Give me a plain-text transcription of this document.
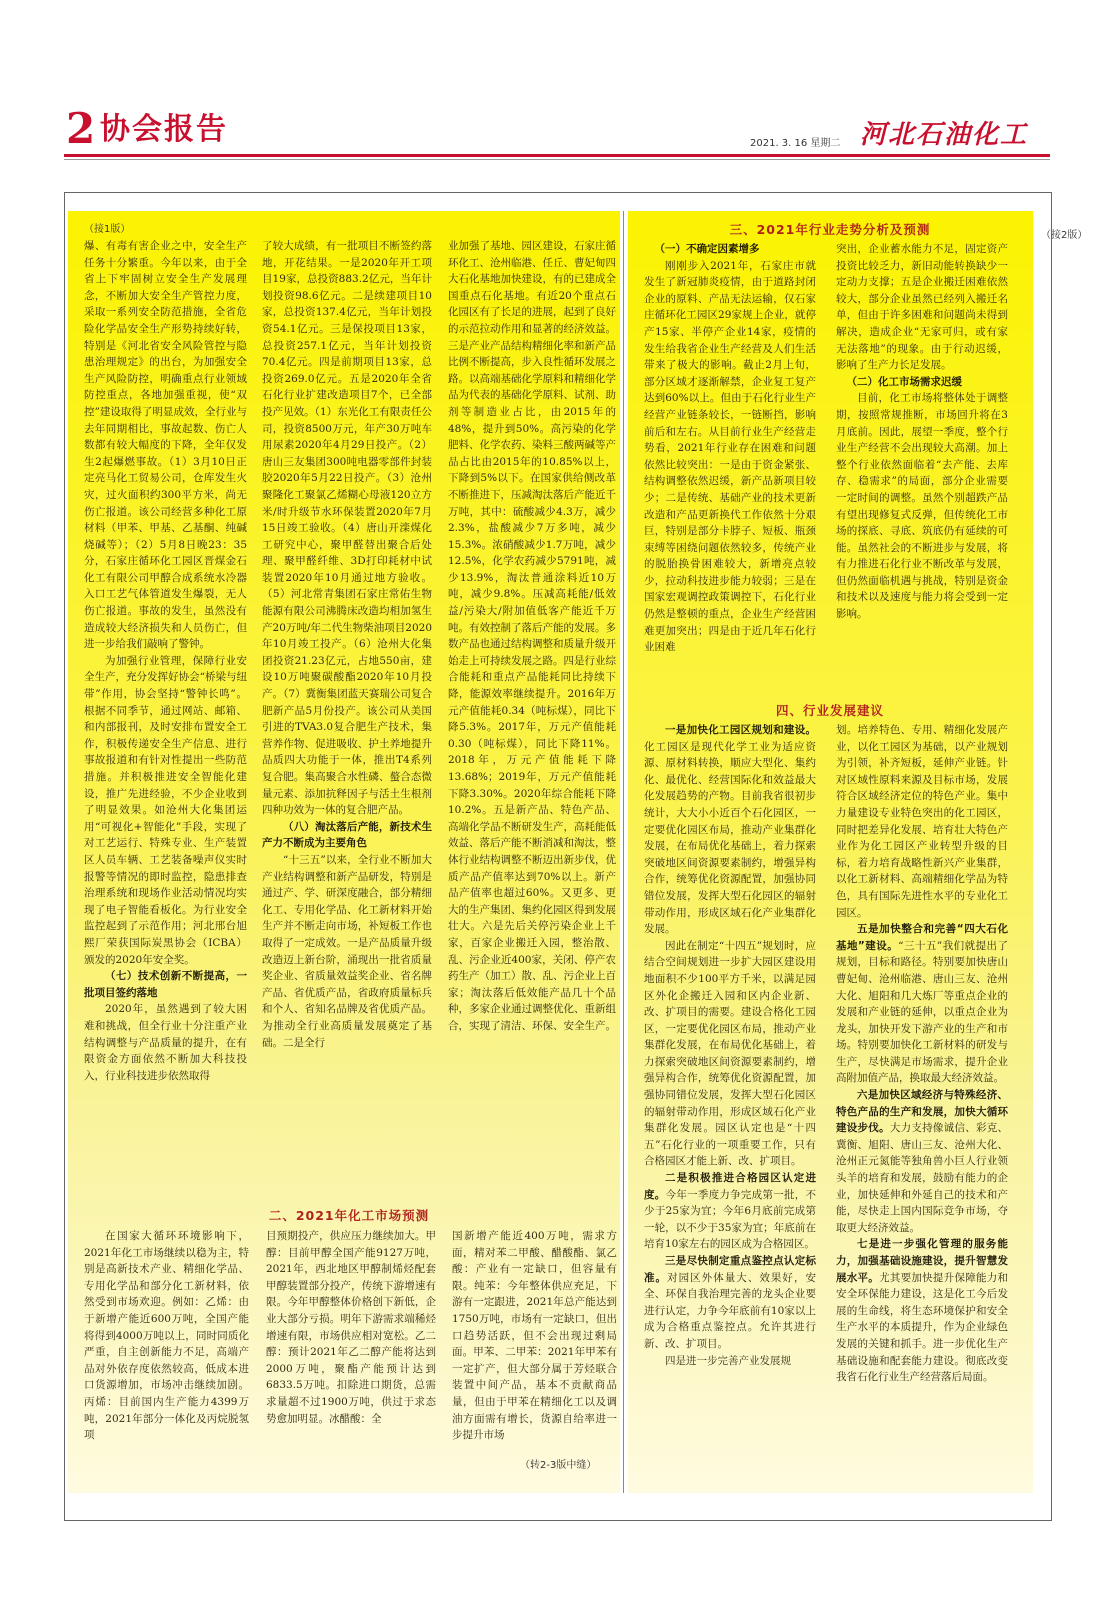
2 协会报告	2021. 3. 16 星期二 河北石油化工
（接1版）
（接2版）

爆、有毒有害企业之中，安全生产任务十分繁重。今年以来，由于全省上下牢固树立安全生产发展理念，不断加大安全生产管控力度，采取一系列安全防范措施，全省危险化学品安全生产形势持续好转，特别是《河北省安全风险管控与隐患治理规定》的出台，为加强安全生产风险防控，明确重点行业领域防控重点，各地加强重视，使“双控”建设取得了明显成效，全行业与去年同期相比，事故起数、伤亡人数都有较大幅度的下降，全年仅发生2起爆燃事故。（1）3月10日正定亮马化工贸易公司，仓库发生火灾，过火面积约300平方米，尚无伤亡报道。该公司经营多种化工原材料（甲苯、甲基、乙基酮、纯碱烧碱等）；（2）5月8日晚23：35分，石家庄循环化工园区晋煤金石化工有限公司甲醇合成系统水冷器入口工艺气体管道发生爆裂，无人伤亡报道。事故的发生，虽然没有造成较大经济损失和人员伤亡，但进一步给我们敲响了警钟。

为加强行业管理，保障行业安全生产，充分发挥好协会“桥梁与纽带”作用，协会坚持“警钟长鸣”。根据不同季节，通过网站、邮箱、和内部报刊，及时安排布置安全工作，积极传递安全生产信息、进行事故报道和有针对性提出一些防范措施。并积极推进安全智能化建设，推广先进经验，不少企业收到了明显效果。如沧州大化集团运用“可视化+智能化”手段，实现了对工艺运行、特殊专业、生产装置区人员车辆、工艺装备噪声仪实时报警等情况的即时监控，隐患排查治理系统和现场作业活动情况均实现了电子智能看板化。为行业安全监控起到了示范作用；河北邢台旭熙厂荣获国际炭黑协会（ICBA）颁发的2020年安全奖。

（七）技术创新不断提高，一批项目签约落地

2020年，虽然遇到了较大困难和挑战，但全行业十分注重产业结构调整与产品质量的提升，在有限资金方面依然不断加大科技投入，行业科技进步依然取得

了较大成绩，有一批项目不断签约落地，开花结果。一是2020年开工项目19家，总投资883.2亿元，当年计划投资98.6亿元。二是续建项目10家，总投资137.4亿元，当年计划投资54.1亿元。三是保投项目13家，总投资257.1亿元，当年计划投资70.4亿元。四是前期项目13家，总投资269.0亿元。五是2020年全省石化行业扩建改造项目7个，已全部投产见效。（1）东光化工有限责任公司，投资8500万元，年产30万吨车用尿素2020年4月29日投产。（2）唐山三友集团300吨电器零部件封装胶2020年5月22日投产。（3）沧州聚隆化工聚氯乙烯糊心母液120立方米/时升级节水环保装置2020年7月15日竣工验收。（4）唐山开滦煤化工研究中心，聚甲醛替出聚合后处理、聚甲醛纤维、3D打印耗材中试装置2020年10月通过地方验收。（5）河北常青集团石家庄常佑生物能源有限公司沸腾床改造均相加氢生产20万吨/年二代生物柴油项目2020年10月竣工投产。（6）沧州大化集团投资21.23亿元，占地550亩，建设10万吨聚碳酸酯2020年10月投产。（7）冀衡集团蓝天赛瑞公司复合肥新产品5月份投产。该公司从美国引进的TVA3.0复合肥生产技术，集营养作物、促进吸收、护土养地提升品质四大功能于一体，推出T4系列复合肥。集高聚合水性磷、螯合态微量元素、添加抗释因子与活土生根剂四种功效为一体的复合肥产品。

（八）淘汰落后产能，新技术生产力不断成为主要角色

“十三五”以来，全行业不断加大产业结构调整和新产品研发，特别是通过产、学、研深度融合，部分精细化工、专用化学品、化工新材料开始生产并不断走向市场，补短板工作也取得了一定成效。一是产品质量升级改造迈上新台阶，涌现出一批省质量奖企业、省质量效益奖企业、省名牌产品、省优质产品，省政府质量标兵和个人、省知名品牌及省优质产品。为推动全行业高质量发展奠定了基础。二是全行

业加强了基地、园区建设，石家庄循环化工、沧州临港、任丘、曹妃甸四大石化基地加快建设，有的已建成全国重点石化基地。有近20个重点石化园区有了长足的进展，起到了良好的示范拉动作用和显著的经济效益。三是产业产品结构精细化率和新产品比例不断提高，步入良性循环发展之路。以高端基础化学原料和精细化学品为代表的基础化学原料、试剂、助剂等制造业占比，由2015年的48%，提升到50%。高污染的化学肥料、化学农药、染料三酸两碱等产品占比由2015年的10.85%以上，下降到5%以下。在国家供给侧改革不断推进下，压减淘汰落后产能近千万吨，其中：硫酸减少4.3万，减少2.3%，盐酸减少7万多吨，减少15.3%。浓硝酸减少1.7万吨，减少12.5%，化学农药减少5791吨，减少13.9%，淘汰普通涂料近10万吨，减少9.8%。压减高耗能/低效益/污染大/附加值低客产能近千万吨。有效控制了落后产能的发展。多数产品也通过结构调整和质量升级开始走上可持续发展之路。四是行业综合能耗和重点产品能耗同比持续下降，能源效率继续提升。2016年万元产值能耗0.34（吨标煤），同比下降5.3%。2017年，万元产值能耗0.30（吨标煤），同比下降11%。2018年，万元产值能耗下降13.68%；2019年，万元产值能耗下降3.30%。2020年综合能耗下降10.2%。五是新产品、特色产品、高端化学品不断研发生产，高耗能低效益、落后产能不断消减和淘汰，整体行业结构调整不断迈出新步伐，优质产品产值率达到70%以上。新产品产值率也超过60%。又更多、更大的生产集团、集约化园区得到发展壮大。六是先后关停污染企业上千家，百家企业搬迁入园，整治散、乱、污企业近400家，关闭、停产农药生产（加工）散、乱、污企业上百家；淘汰落后低效能产品几十个品种，多家企业通过调整优化、重新组合，实现了清洁、环保、安全生产。

二、2021年化工市场预测

在国家大循环环境影响下，2021年化工市场继续以稳为主，特别是高新技术产业、精细化学品、专用化学品和部分化工新材料，依然受到市场欢迎。例如：乙烯：由于新增产能近600万吨，全国产能将得到4000万吨以上，同时同质化严重，自主创新能力不足，高端产品对外依存度依然较高，低成本进口货源增加，市场冲击继续加剧。丙烯：目前国内生产能力4399万吨，2021年部分一体化及丙烷脱氢项

目预期投产，供应压力继续加大。甲醇：目前甲醇全国产能9127万吨，2021年，西北地区甲醇制烯烃配套甲醇装置部分投产，传统下游增速有限。今年甲醇整体价格创下新低，企业大部分亏损。明年下游需求端稀烃增速有限，市场供应相对宽松。乙二醇：预计2021年乙二醇产能将达到2000万吨，聚酯产能预计达到6833.5万吨。扣除进口期货，总需求量超不过1900万吨，供过于求态势愈加明显。冰醋酸：全

国新增产能近400万吨，需求方面，精对苯二甲酸、醋酸酯、氯乙酸：产业有一定缺口，但容量有限。纯苯：今年整体供应充足，下游有一定跟进，2021年总产能达到1750万吨，市场有一定缺口，但出口趋势活跃，但不会出现过剩局面。甲苯、二甲苯：2021年甲苯有一定扩产，但大部分属于芳烃联合装置中间产品，基本不贡献商品量，但由于甲苯在精细化工以及调油方面需有增长，货源自给率进一步提升市场

（转2-3版中缝）
三、2021年行业走势分析及预测

（一）不确定因素增多

刚刚步入2021年，石家庄市就发生了新冠肺炎疫情，由于道路封闭企业的原料、产品无法运输，仅石家庄循环化工园区29家规上企业，就停产15家、半停产企业14家，疫情的发生给我省企业生产经营及人们生活带来了极大的影响。截止2月上旬，部分区域才逐渐解禁，企业复工复产达到60%以上。但由于石化行业生产经营产业链条较长，一链断挡，影响前后和左右。从目前行业生产经营走势看，2021年行业存在困难和问题依然比较突出：一是由于资金紧张、结构调整依然迟缓，新产品新项目较少；二是传统、基础产业的技术更新改造和产品更新换代工作依然十分艰巨，特别是部分卡脖子、短板、瓶颈束缚等困绕问题依然较多，传统产业的脱胎换骨困难较大，新增亮点较少，拉动科技进步能力较弱；三是在国家宏观调控政策调控下，石化行业仍然是整顿的重点，企业生产经营困难更加突出；四是由于近几年石化行业困难

突出，企业蓄水能力不足，固定资产投资比较乏力，新旧动能转换缺少一定动力支撑；五是企业搬迁困难依然较大，部分企业虽然已经列入搬迁名单，但由于许多困难和问题尚未得到解决，造成企业“无家可归，或有家无法落地”的现象。由于行动迟缓，影响了生产力长足发展。

（二）化工市场需求迟缓

目前，化工市场将整体处于调整期，按照常规推断，市场回升将在3月底前。因此，展望一季度，整个行业生产经营不会出现较大高潮。加上整个行业依然面临着“去产能、去库存、稳需求”的局面，部分企业需要一定时间的调整。虽然个别超跌产品有望出现修复式反弹，但传统化工市场的探底、寻底、筑底仍有延续的可能。虽然社会的不断进步与发展，将有力推进石化行业不断改革与发展，但仍然面临机遇与挑战，特别是资金和技术以及速度与能力将会受到一定影响。

四、行业发展建议

一是加快化工园区规划和建设。化工园区是现代化学工业为适应资源、原材料转换，顺应大型化、集约化、最优化、经营国际化和效益最大化发展趋势的产物。目前我省很初步统计，大大小小近百个石化园区，一定要优化园区布局，推动产业集群化发展，在布局优化基础上，着力探索突破地区间资源要素制约，增强异构合作，统筹优化资源配置，加强协同错位发展，发挥大型石化园区的辐射带动作用，形成区域石化产业集群化发展。

因此在制定“十四五”规划时，应结合空间规划进一步扩大园区建设用地面积不少100平方千米，以满足园区外化企搬迁入园和区内企业新、改、扩项目的需要。建设合格化工园区，一定要优化园区布局，推动产业集群化发展，在布局优化基础上，着力探索突破地区间资源要素制约，增强异构合作，统筹优化资源配置，加强协同错位发展，发挥大型石化园区的辐射带动作用，形成区域石化产业集群化发展。园区认定也是“十四五”石化行业的一项重要工作，只有合格园区才能上新、改、扩项目。

二是积极推进合格园区认定进度。今年一季度力争完成第一批，不少于25家为宜；今年6月底前完成第一轮，以不少于35家为宜；年底前在培育10家左右的园区成为合格园区。

三是尽快制定重点鉴控点认定标准。对园区外体量大、效果好，安全、环保自我治理完善的龙头企业要进行认定，力争今年底前有10家以上成为合格重点鉴控点。允许其进行新、改、扩项目。

四是进一步完善产业发展规

划。培养特色、专用、精细化发展产业，以化工园区为基础，以产业规划为引领，补齐短板，延伸产业链。针对区域性原料来源及目标市场，发展符合区域经济定位的特色产业。集中力量建设专业特色突出的化工园区，同时把差异化发展、培育壮大特色产业作为化工园区产业转型升级的目标，着力培育战略性新兴产业集群，以化工新材料、高端精细化学品为特色，具有国际先进性水平的专业化工园区。

五是加快整合和完善“四大石化基地”建设。“三十五”我们就提出了规划，目标和路径。特别要加快唐山曹妃甸、沧州临港、唐山三友、沧州大化、旭阳和几大炼厂等重点企业的发展和产业链的延伸，以重点企业为龙头，加快开发下游产业的生产和市场。特别要加快化工新材料的研发与生产，尽快满足市场需求，提升企业高附加值产品，换取最大经济效益。

六是加快区域经济与特殊经济、特色产品的生产和发展，加快大循环建设步伐。大力支持像诚信、彩克、冀衡、旭阳、唐山三友、沧州大化、沧州正元氮能等独角兽小巨人行业领头羊的培育和发展，鼓励有能力的企业，加快延伸和外延自己的技术和产能，尽快走上国内国际竞争市场，夺取更大经济效益。

七是进一步强化管理的服务能力，加强基础设施建设，提升智慧发展水平。尤其要加快提升保障能力和安全环保能力建设，这是化工今后发展的生命线，将生态环境保护和安全生产水平的本质提升，作为企业绿色发展的关键和抓手。进一步优化生产基础设施和配套能力建设。彻底改变我省石化行业生产经营落后局面。
